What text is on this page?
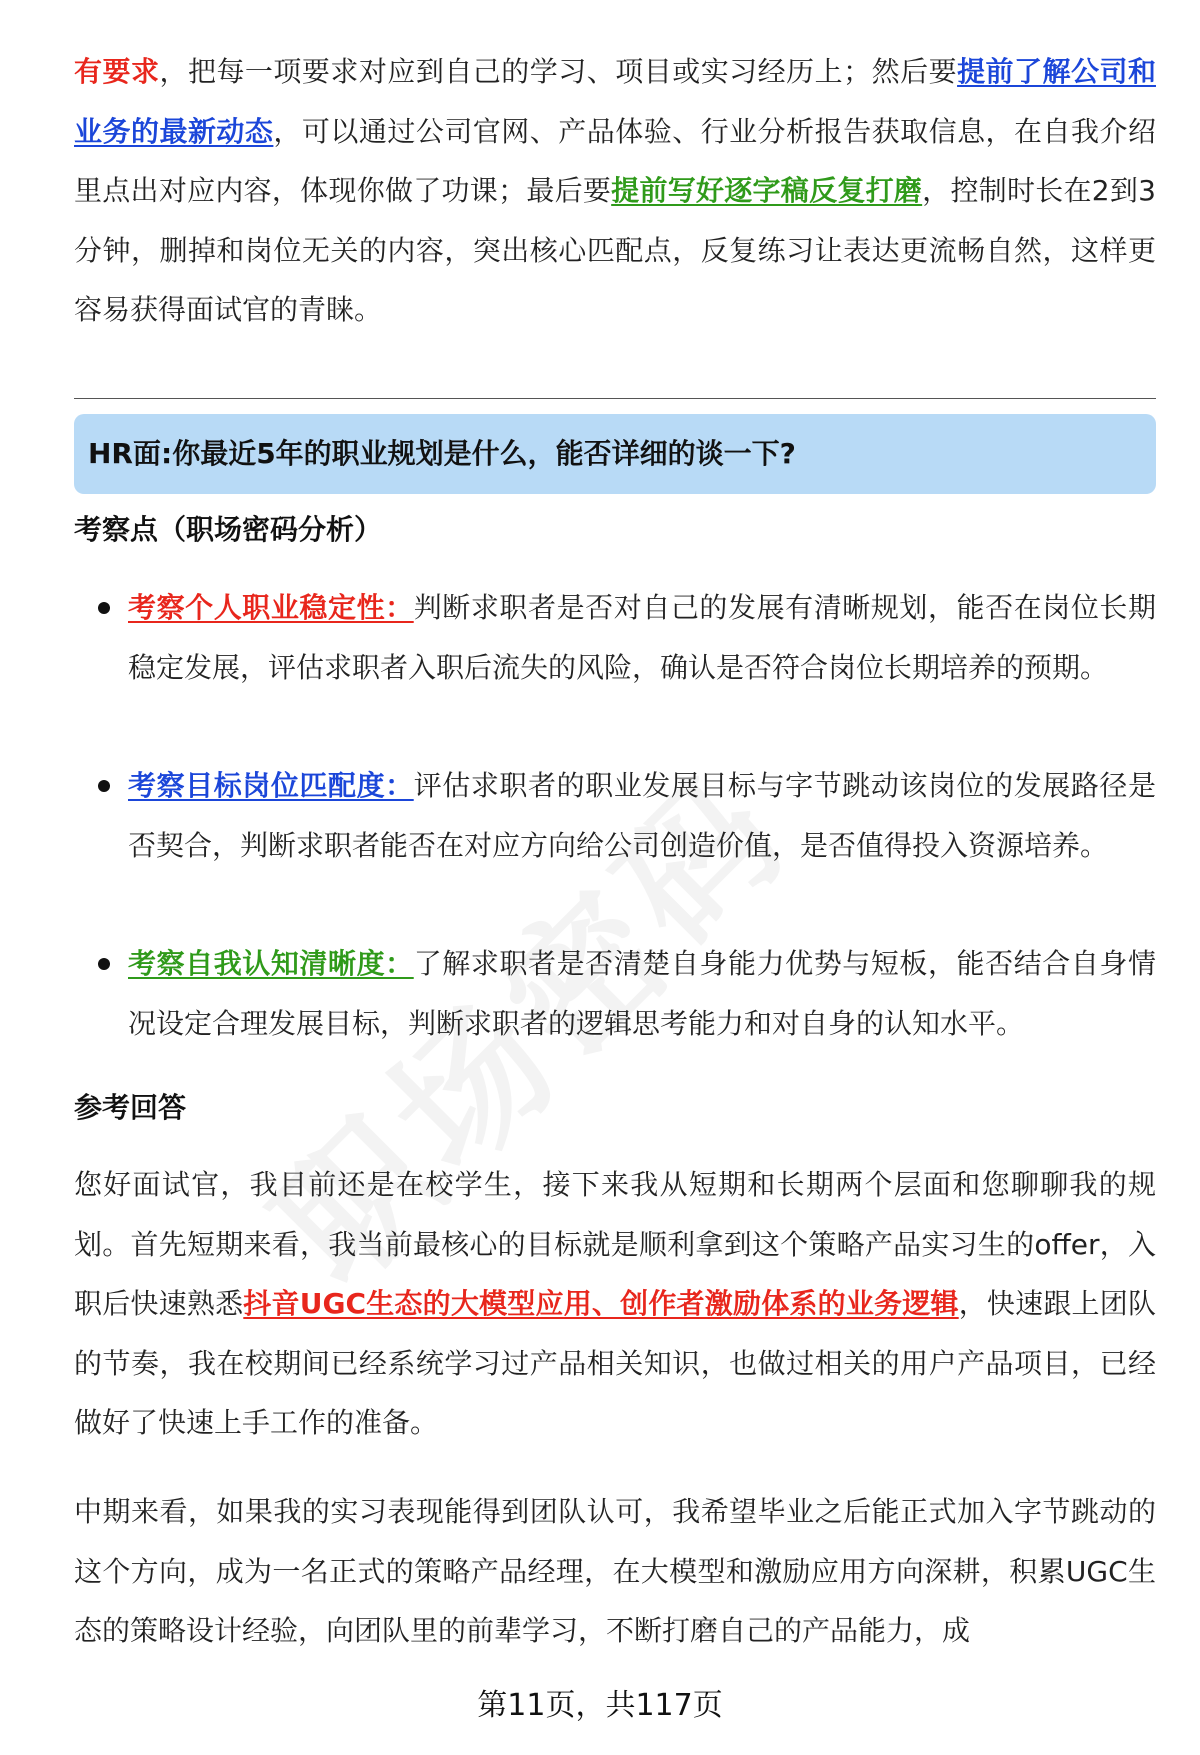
有要求，把每一项要求对应到自己的学习、项目或实习经历上；然后要提前了解公司和业务的最新动态，可以通过公司官网、产品体验、行业分析报告获取信息，在自我介绍里点出对应内容，体现你做了功课；最后要提前写好逐字稿反复打磨，控制时长在2到3分钟，删掉和岗位无关的内容，突出核心匹配点，反复练习让表达更流畅自然，这样更容易获得面试官的青睐。
HR面:你最近5年的职业规划是什么，能否详细的谈一下?
考察点（职场密码分析）
考察个人职业稳定性：判断求职者是否对自己的发展有清晰规划，能否在岗位长期稳定发展，评估求职者入职后流失的风险，确认是否符合岗位长期培养的预期。
考察目标岗位匹配度：评估求职者的职业发展目标与字节跳动该岗位的发展路径是否契合，判断求职者能否在对应方向给公司创造价值，是否值得投入资源培养。
考察自我认知清晰度：了解求职者是否清楚自身能力优势与短板，能否结合自身情况设定合理发展目标，判断求职者的逻辑思考能力和对自身的认知水平。
参考回答
您好面试官，我目前还是在校学生，接下来我从短期和长期两个层面和您聊聊我的规划。首先短期来看，我当前最核心的目标就是顺利拿到这个策略产品实习生的offer，入职后快速熟悉抖音UGC生态的大模型应用、创作者激励体系的业务逻辑，快速跟上团队的节奏，我在校期间已经系统学习过产品相关知识，也做过相关的用户产品项目，已经做好了快速上手工作的准备。
中期来看，如果我的实习表现能得到团队认可，我希望毕业之后能正式加入字节跳动的这个方向，成为一名正式的策略产品经理，在大模型和激励应用方向深耕，积累UGC生态的策略设计经验，向团队里的前辈学习，不断打磨自己的产品能力，成
第11页，共117页
